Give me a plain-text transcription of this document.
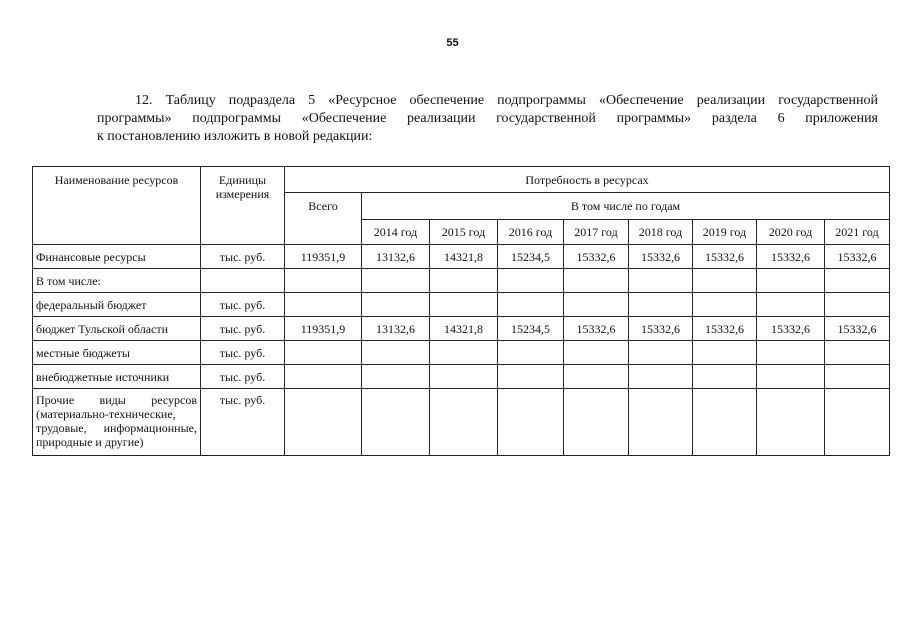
55

12. Таблицу подраздела 5 «Ресурсное обеспечение подпрограммы «Обеспечение реализации государственной

программы» подпрограммы «Обеспечение реализации государственной программы» раздела 6 приложения

к постановлению изложить в новой редакции:

Наименование ресурсов	Единицы измерения	Потребность в ресурсах								
		Всего	В том числе по годам							
			2014 год	2015 год	2016 год	2017 год	2018 год	2019 год	2020 год	2021 год
Финансовые ресурсы	тыс. руб.	119351,9	13132,6	14321,8	15234,5	15332,6	15332,6	15332,6	15332,6	15332,6
В том числе:										
федеральный бюджет	тыс. руб.									
бюджет Тульской области	тыс. руб.	119351,9	13132,6	14321,8	15234,5	15332,6	15332,6	15332,6	15332,6	15332,6
местные бюджеты	тыс. руб.									
внебюджетные источники	тыс. руб.									
Прочие виды ресурсов (материально-технические, трудовые, информационные, природные и другие)	тыс. руб.									
